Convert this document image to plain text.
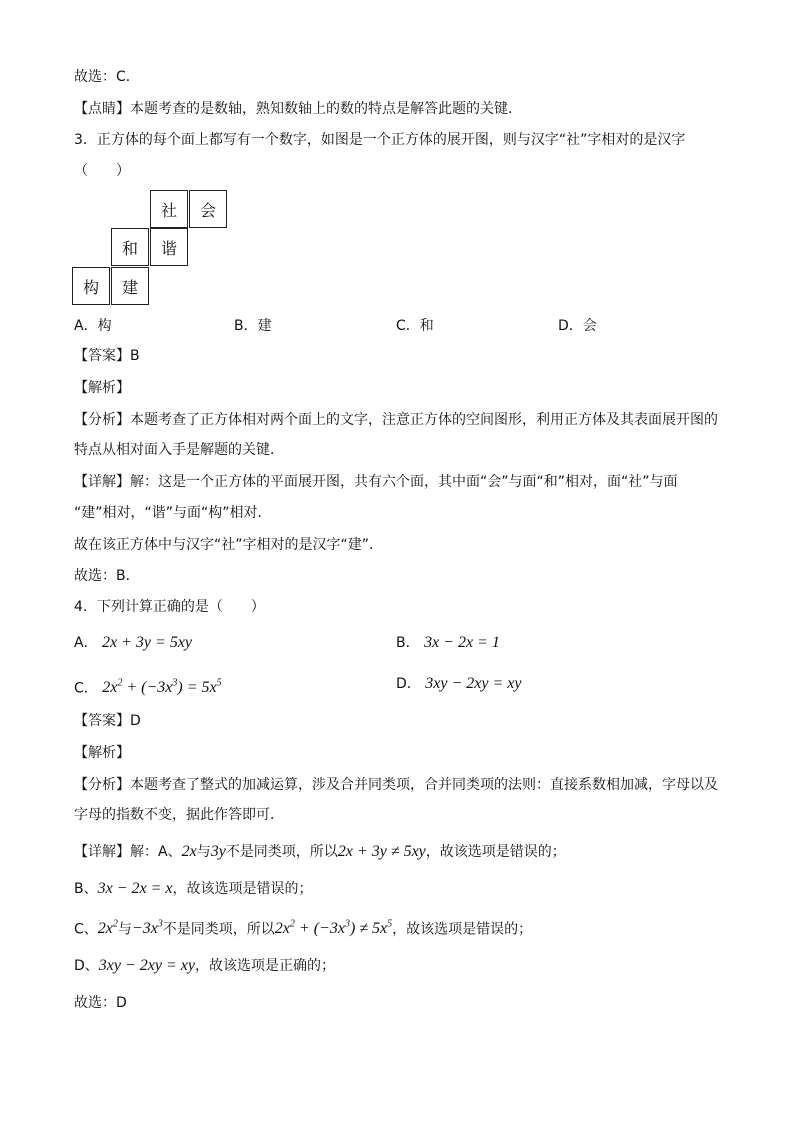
故选：C．
【点睛】本题考查的是数轴，熟知数轴上的数的特点是解答此题的关键．
3．正方体的每个面上都写有一个数字，如图是一个正方体的展开图，则与汉字“社”字相对的是汉字
（　　）
社	会
和	谐
构	建
A．构	B．建	C．和	D．会
【答案】B
【解析】
【分析】本题考查了正方体相对两个面上的文字，注意正方体的空间图形，利用正方体及其表面展开图的
特点从相对面入手是解题的关键．
【详解】解：这是一个正方体的平面展开图，共有六个面，其中面“会”与面“和”相对，面“社”与面
“建”相对，“谐”与面“构”相对．
故在该正方体中与汉字“社”字相对的是汉字“建”．
故选：B．
4．下列计算正确的是（　　）
A． 2x + 3y = 5xy	B． 3x − 2x = 1
C． $2x^2 + (-3x^3) = 5x^5$	D． 3xy − 2xy = xy
【答案】D
【解析】
【分析】本题考查了整式的加减运算，涉及合并同类项，合并同类项的法则：直接系数相加减，字母以及
字母的指数不变，据此作答即可．
【详解】解：A、2x与3y不是同类项，所以2x + 3y ≠ 5xy，故该选项是错误的；
B、3x − 2x = x，故该选项是错误的；
C、$2x^2$与$-3x^3$不是同类项，所以$2x^2 + (-3x^3) \ne 5x^5$，故该选项是错误的；
D、3xy − 2xy = xy，故该选项是正确的；
故选：D
